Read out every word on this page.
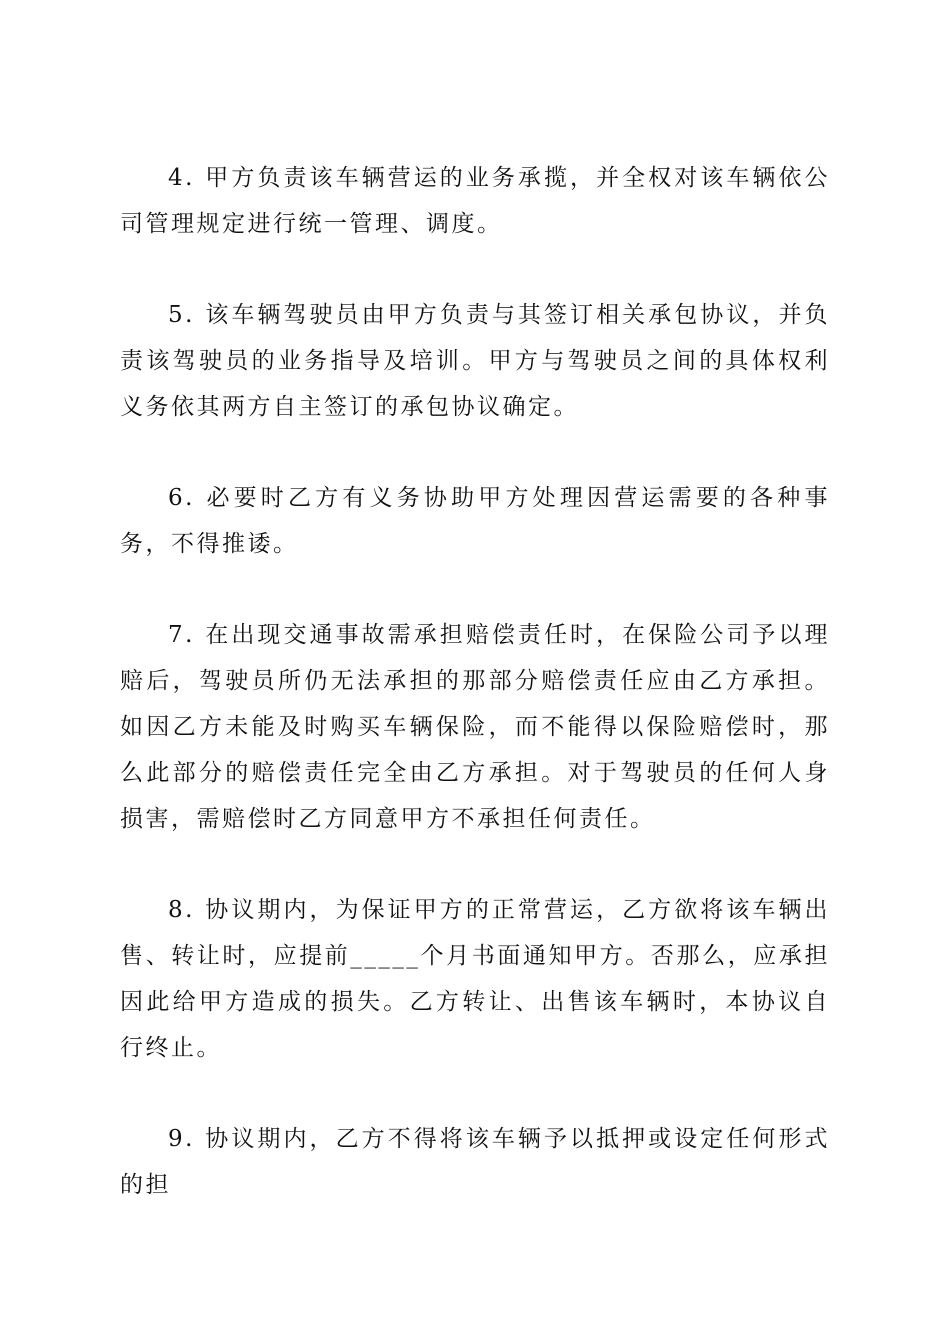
4. 甲方负责该车辆营运的业务承揽，并全权对该车辆依公司管理规定进行统一管理、调度。

5. 该车辆驾驶员由甲方负责与其签订相关承包协议，并负责该驾驶员的业务指导及培训。甲方与驾驶员之间的具体权利义务依其两方自主签订的承包协议确定。

6. 必要时乙方有义务协助甲方处理因营运需要的各种事务，不得推诿。

7. 在出现交通事故需承担赔偿责任时，在保险公司予以理赔后，驾驶员所仍无法承担的那部分赔偿责任应由乙方承担。如因乙方未能及时购买车辆保险，而不能得以保险赔偿时，那么此部分的赔偿责任完全由乙方承担。对于驾驶员的任何人身损害，需赔偿时乙方同意甲方不承担任何责任。

8. 协议期内，为保证甲方的正常营运，乙方欲将该车辆出售、转让时，应提前_____个月书面通知甲方。否那么，应承担因此给甲方造成的损失。乙方转让、出售该车辆时，本协议自行终止。

9. 协议期内，乙方不得将该车辆予以抵押或设定任何形式的担
